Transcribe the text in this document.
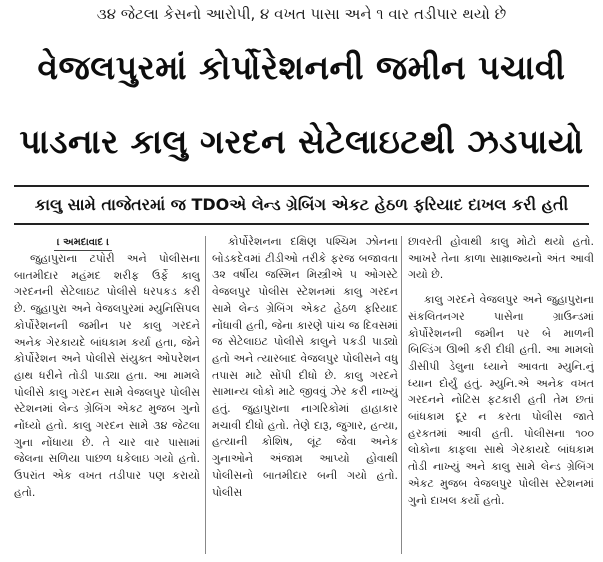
૩૪ જેટલા કેસનો આરોપી, ૪ વખત પાસા અને ૧ વાર તડીપાર થયો છે
વેજલપુરમાં કોર્પોરેશનની જમીન પચાવી
પાડનાર કાલુ ગરદન સેટેલાઇટથી ઝડપાયો
કાલુ સામે તાજેતરમાં જ TDOએ લેન્ડ ગ્રેબિંગ એકટ હેઠળ ફરિયાદ દાખલ કરી હતી
। અમદાવાદ ।

જુહાપુરાના ટપોરી અને પોલીસના બાતમીદાર મહંમદ શરીફ ઉર્ફે કાલુ ગરદનની સેટેલાઇટ પોલીસે ધરપકડ કરી છે. જુહાપુરા અને વેજલપુરમાં મ્યુનિસિપલ કોર્પોરેશનની જમીન પર કાલુ ગરદને અનેક ગેરકાયદે બાંધકામ કર્યા હતા, જેને કોર્પોરેશન અને પોલીસે સંયુક્ત ઓપરેશન હાથ ધરીને તોડી પાડ્યા હતા. આ મામલે પોલીસે કાલુ ગરદન સામે વેજલપુર પોલીસ સ્ટેશનમાં લેન્ડ ગ્રેબિંગ એકટ મુજબ ગુનો નોંધ્યો હતો. કાલુ ગરદન સામે ૩૪ જેટલા ગુના નોંધાયા છે. તે ચાર વાર પાસામાં જેલના સળિયા પાછળ ધકેલાઇ ગયો હતો. ઉપરાંત એક વખત તડીપાર પણ કરાયો હતો.

કોર્પોરેશનના દક્ષિણ પશ્ચિમ ઝોનના બોડકદેવમાં ટીડીઓ તરીકે ફરજ બજાવતા ૩૨ વર્ષીય જસ્મિન મિસ્ત્રીએ ૫ ઓગસ્ટે વેજલપુર પોલીસ સ્ટેશનમાં કાલુ ગરદન સામે લેન્ડ ગ્રેબિંગ એકટ હેઠળ ફરિયાદ નોંધાવી હતી, જેના કારણે પાંચ જ દિવસમાં જ સેટેલાઇટ પોલીસે કાલુને પકડી પાડ્યો હતો અને ત્યારબાદ વેજલપુર પોલીસને વધુ તપાસ માટે સોંપી દીધો છે. કાલુ ગરદને સામાન્ય લોકો માટે જીવવું ઝેર કરી નાખ્યું હતું. જુહાપુરાના નાગરિકોમાં હાહાકાર મચાવી દીધો હતો. તેણે દારૂ, જુગાર, હત્યા, હત્યાની કોશિષ, લૂંટ જેવા અનેક ગુનાઓને અંજામ આપ્યો હોવાથી પોલીસનો બાતમીદાર બની ગયો હતો. પોલીસ

છાવરતી હોવાથી કાલુ મોટો થયો હતો. આખરે તેના કાળા સામ્રાજ્યનો અંત આવી ગયો છે.

કાલુ ગરદને વેજલપુર અને જુહાપુરાના સંકલિતનગર પાસેના ગ્રાઉન્ડમાં કોર્પોરેશનની જમીન પર બે માળની બિલ્ડિંગ ઊભી કરી દીધી હતી. આ મામલો ડીસીપી ડેલુના ધ્યાને આવતા મ્યુનિ.નું ધ્યાન દોર્યું હતું. મ્યુનિ.એ અનેક વખત ગરદનને નોટિસ ફટકારી હતી તેમ છતાં બાંધકામ દૂર ન કરતા પોલીસ જાતે હરકતમાં આવી હતી. પોલીસના ૧૦૦ લોકોના કાફલા સાથે ગેરકાયદે બાંધકામ તોડી નાખ્યું અને કાલુ સામે લેન્ડ ગ્રેબિંગ એકટ મુજબ વેજલપુર પોલીસ સ્ટેશનમાં ગુનો દાખલ કર્યો હતો.
